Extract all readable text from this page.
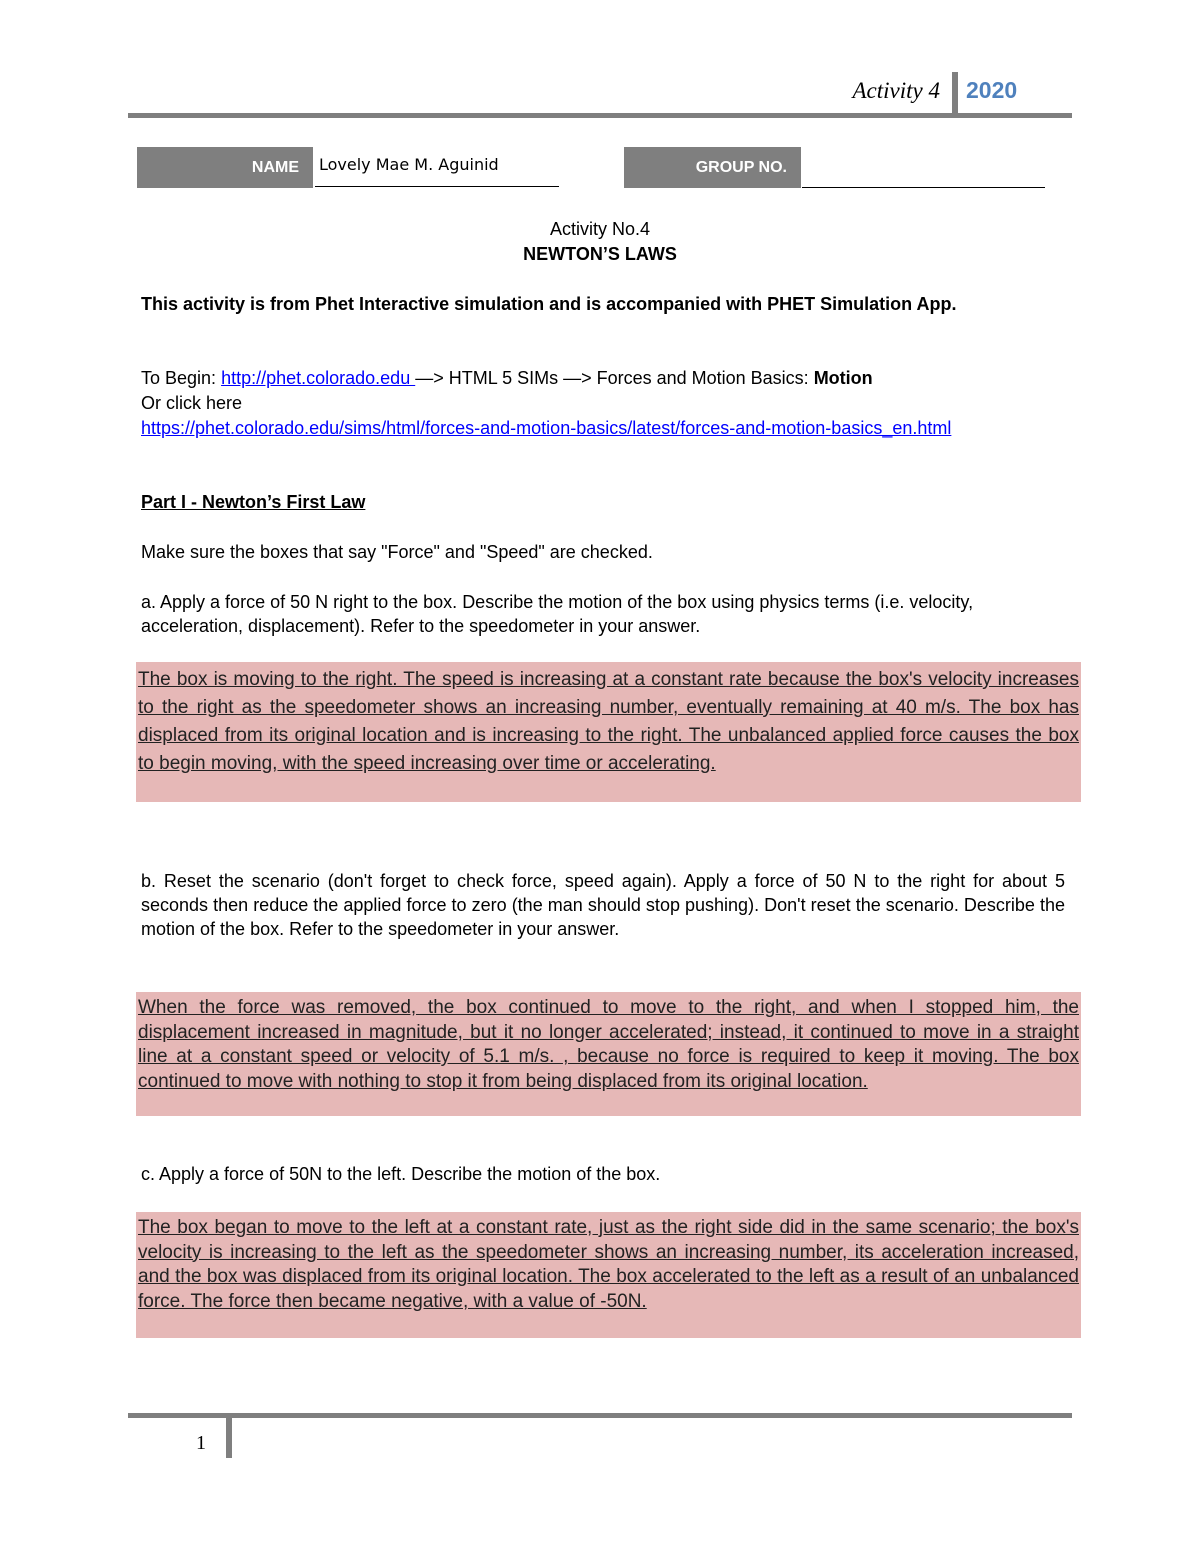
Activity 4 2020
NAME	Lovely Mae M. Aguinid	GROUP NO.
Activity No.4
NEWTON’S LAWS
This activity is from Phet Interactive simulation and is accompanied with PHET Simulation App.
To Begin: http://phet.colorado.edu —> HTML 5 SIMs —> Forces and Motion Basics: Motion
Or click here
https://phet.colorado.edu/sims/html/forces-and-motion-basics/latest/forces-and-motion-basics_en.html
Part I - Newton’s First Law
Make sure the boxes that say "Force" and "Speed" are checked.
a. Apply a force of 50 N right to the box. Describe the motion of the box using physics terms (i.e. velocity, acceleration, displacement). Refer to the speedometer in your answer.
The box is moving to the right. The speed is increasing at a constant rate because the box's velocity increases to the right as the speedometer shows an increasing number, eventually remaining at 40 m/s. The box has displaced from its original location and is increasing to the right. The unbalanced applied force causes the box to begin moving, with the speed increasing over time or accelerating.
b. Reset the scenario (don't forget to check force, speed again). Apply a force of 50 N to the right for about 5 seconds then reduce the applied force to zero (the man should stop pushing). Don't reset the scenario. Describe the motion of the box. Refer to the speedometer in your answer.
When the force was removed, the box continued to move to the right, and when I stopped him, the displacement increased in magnitude, but it no longer accelerated; instead, it continued to move in a straight line at a constant speed or velocity of 5.1 m/s. , because no force is required to keep it moving. The box continued to move with nothing to stop it from being displaced from its original location.
c. Apply a force of 50N to the left. Describe the motion of the box.
The box began to move to the left at a constant rate, just as the right side did in the same scenario; the box's velocity is increasing to the left as the speedometer shows an increasing number, its acceleration increased, and the box was displaced from its original location. The box accelerated to the left as a result of an unbalanced force. The force then became negative, with a value of -50N.
1
